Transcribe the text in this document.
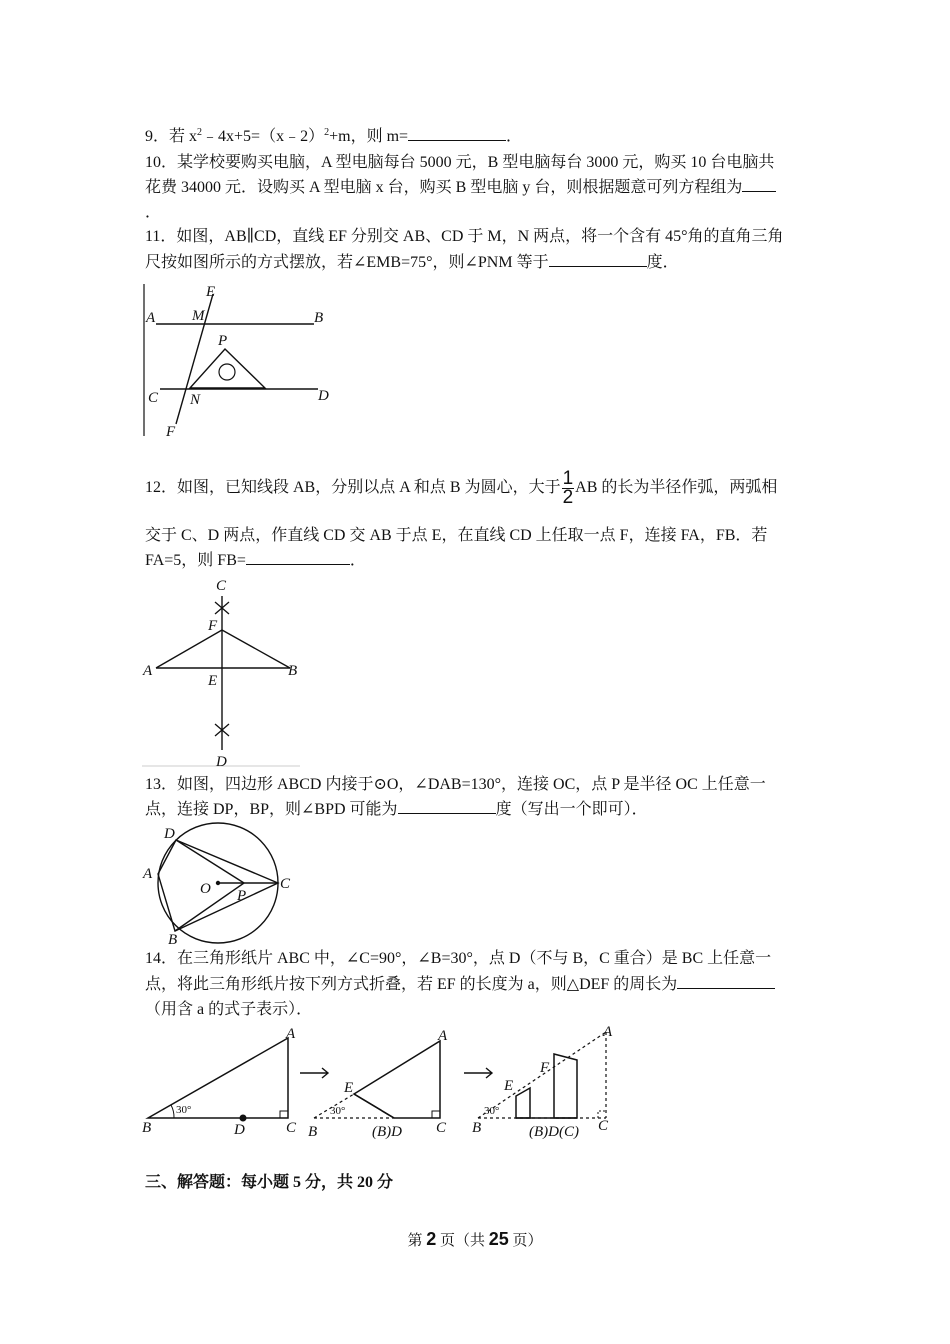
9．若 $x^2﹣4x+5=(x﹣2)^2+m$，则 m=	．
10．某学校要购买电脑，A 型电脑每台 5000 元，B 型电脑每台 3000 元，购买 10 台电脑共
花费 34000 元．设购买 A 型电脑 x 台，购买 B 型电脑 y 台，则根据题意可列方程组为
．
11．如图，AB∥CD，直线 EF 分别交 AB、CD 于 M，N 两点，将一个含有 45°角的直角三角
尺按如图所示的方式摆放，若∠EMB=75°，则∠PNM 等于	度．
A	B
C	D
E
F
M
N
P
12．如图，已知线段 AB，分别以点 A 和点 B 为圆心，大于 $\frac{1}{2}$ AB 的长为半径作弧，两弧相
交于 C、D 两点，作直线 CD 交 AB 于点 E，在直线 CD 上任取一点 F，连接 FA，FB．若
FA=5，则 FB=	．
C
F
A	B
E
D
13．如图，四边形 ABCD 内接于⊙O，∠DAB=130°，连接 OC，点 P 是半径 OC 上任意一
点，连接 DP，BP，则∠BPD 可能为	度（写出一个即可）．
D
A
B
C
O P
14．在三角形纸片 ABC 中，∠C=90°，∠B=30°，点 D（不与 B，C 重合）是 BC 上任意一
点，将此三角形纸片按下列方式折叠，若 EF 的长度为 a，则△DEF 的周长为
（用含 a 的式子表示）．
30°
B	D	C
A
30°
E
B	(B)D C
A
30°
E
F
B	(B)D(C) C
A
三、解答题：每小题 5 分，共 20 分
第 2 页（共 25 页）
